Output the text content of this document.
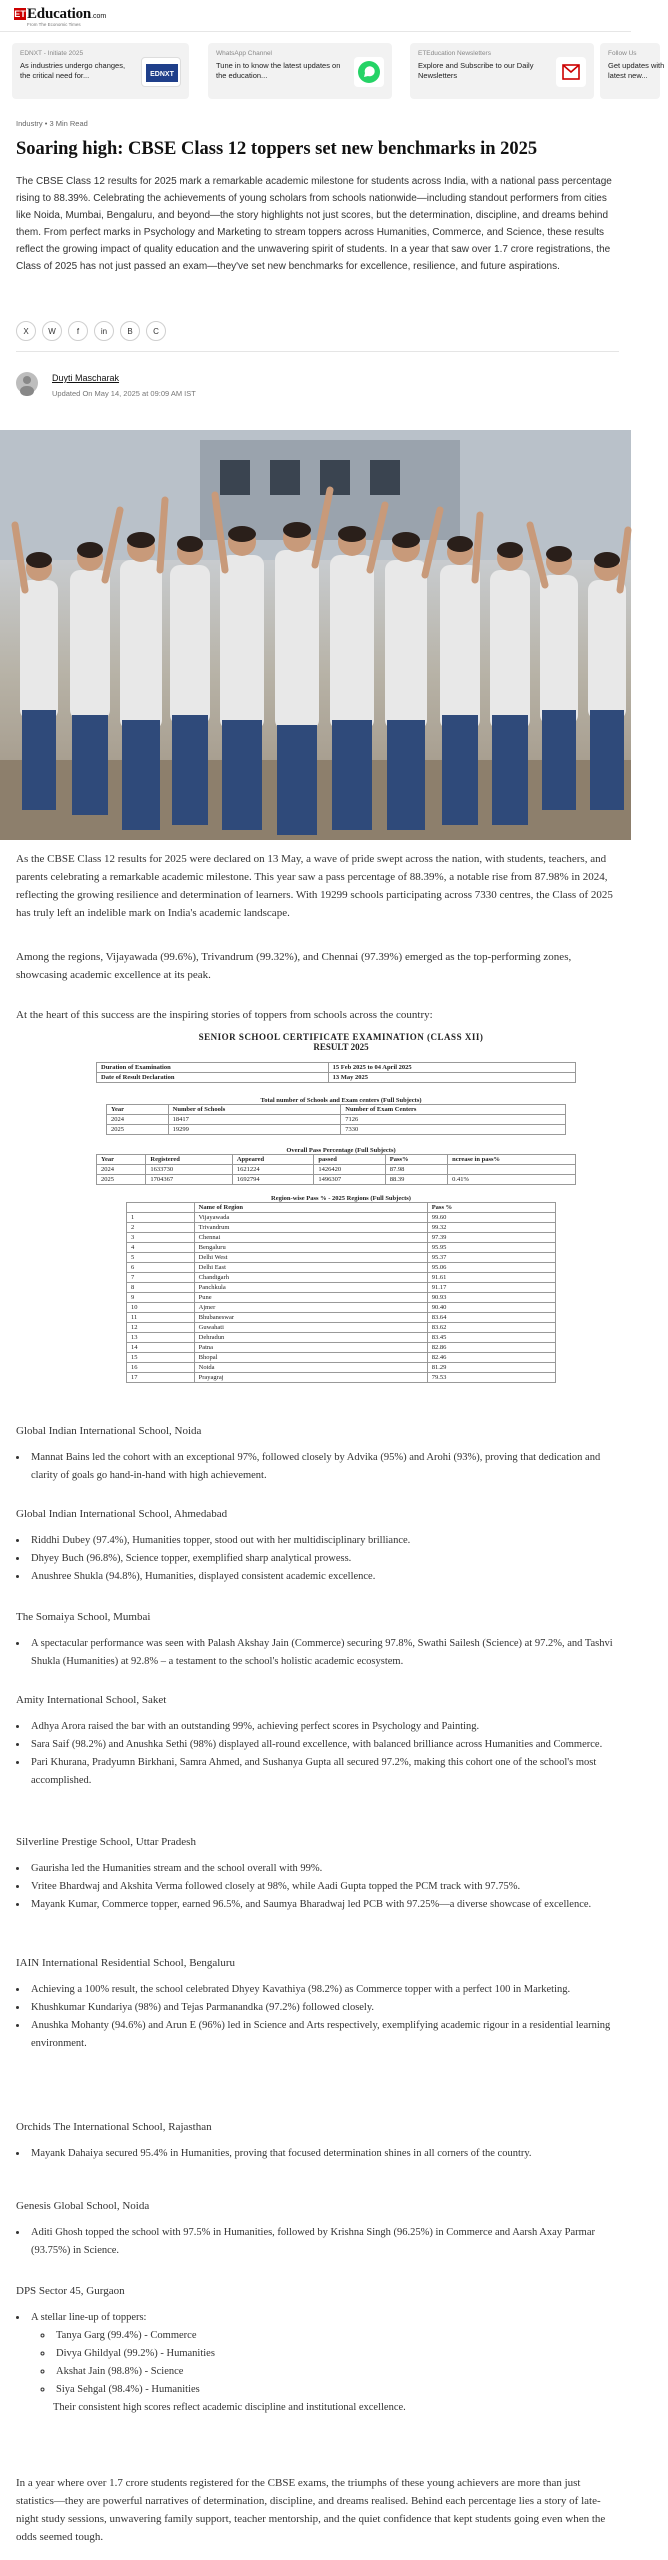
ET Education .com
From The Economic Times
EDNXT - Initiate 2025
As industries undergo changes, the critical need for...	EDNXT
WhatsApp Channel
Tune in to know the latest updates on the education...
ETEducation Newsletters
Explore and Subscribe to our Daily Newsletters
Follow Us
Get updates with latest new...
Industry • 3 Min Read
Soaring high: CBSE Class 12 toppers set new benchmarks in 2025

The CBSE Class 12 results for 2025 mark a remarkable academic milestone for students across India, with a national pass percentage rising to 88.39%. Celebrating the achievements of young scholars from schools nationwide—including standout performers from cities like Noida, Mumbai, Bengaluru, and beyond—the story highlights not just scores, but the determination, discipline, and dreams behind them. From perfect marks in Psychology and Marketing to stream toppers across Humanities, Commerce, and Science, these results reflect the growing impact of quality education and the unwavering spirit of students. In a year that saw over 1.7 crore registrations, the Class of 2025 has not just passed an exam—they've set new benchmarks for excellence, resilience, and future aspirations.

X	W	f	in	B	C
Duyti Mascharak
Updated On May 14, 2025 at 09:09 AM IST

As the CBSE Class 12 results for 2025 were declared on 13 May, a wave of pride swept across the nation, with students, teachers, and parents celebrating a remarkable academic milestone. This year saw a pass percentage of 88.39%, a notable rise from 87.98% in 2024, reflecting the growing resilience and determination of learners. With 19299 schools participating across 7330 centres, the Class of 2025 has truly left an indelible mark on India's academic landscape.

Among the regions, Vijayawada (99.6%), Trivandrum (99.32%), and Chennai (97.39%) emerged as the top-performing zones, showcasing academic excellence at its peak.

At the heart of this success are the inspiring stories of toppers from schools across the country:

SENIOR SCHOOL CERTIFICATE EXAMINATION (CLASS XII)
RESULT 2025
Duration of Examination	15 Feb 2025 to 04 April 2025
Date of Result Declaration	13 May 2025
Total number of Schools and Exam centers (Full Subjects)
Year	Number of Schools	Number of Exam Centers
2024	18417	7126
2025	19299	7330
Overall Pass Percentage (Full Subjects)
Year	Registered	Appeared	passed	Pass%	ncrease in pass%
2024	1633730	1621224	1426420	87.98	
2025	1704367	1692794	1496307	88.39	0.41%
Region-wise Pass % - 2025 Regions (Full Subjects)
	Name of Region	Pass %
1	Vijayawada	99.60
2	Trivandrum	99.32
3	Chennai	97.39
4	Bengaluru	95.95
5	Delhi West	95.37
6	Delhi East	95.06
7	Chandigarh	91.61
8	Panchkula	91.17
9	Pune	90.93
10	Ajmer	90.40
11	Bhubaneswar	83.64
12	Guwahati	83.62
13	Dehradun	83.45
14	Patna	82.86
15	Bhopal	82.46
16	Noida	81.29
17	Prayagraj	79.53
Global Indian International School, Noida
• Mannat Bains led the cohort with an exceptional 97%, followed closely by Advika (95%) and Arohi (93%), proving that dedication and clarity of goals go hand-in-hand with high achievement.
Global Indian International School, Ahmedabad
• Riddhi Dubey (97.4%), Humanities topper, stood out with her multidisciplinary brilliance.
• Dhyey Buch (96.8%), Science topper, exemplified sharp analytical prowess.
• Anushree Shukla (94.8%), Humanities, displayed consistent academic excellence.
The Somaiya School, Mumbai
• A spectacular performance was seen with Palash Akshay Jain (Commerce) securing 97.8%, Swathi Sailesh (Science) at 97.2%, and Tashvi Shukla (Humanities) at 92.8% – a testament to the school's holistic academic ecosystem.
Amity International School, Saket
• Adhya Arora raised the bar with an outstanding 99%, achieving perfect scores in Psychology and Painting.
• Sara Saif (98.2%) and Anushka Sethi (98%) displayed all-round excellence, with balanced brilliance across Humanities and Commerce.
• Pari Khurana, Pradyumn Birkhani, Samra Ahmed, and Sushanya Gupta all secured 97.2%, making this cohort one of the school's most accomplished.
Silverline Prestige School, Uttar Pradesh
• Gaurisha led the Humanities stream and the school overall with 99%.
• Vritee Bhardwaj and Akshita Verma followed closely at 98%, while Aadi Gupta topped the PCM track with 97.75%.
• Mayank Kumar, Commerce topper, earned 96.5%, and Saumya Bharadwaj led PCB with 97.25%—a diverse showcase of excellence.
IAIN International Residential School, Bengaluru
• Achieving a 100% result, the school celebrated Dhyey Kavathiya (98.2%) as Commerce topper with a perfect 100 in Marketing.
• Khushkumar Kundariya (98%) and Tejas Parmanandka (97.2%) followed closely.
• Anushka Mohanty (94.6%) and Arun E (96%) led in Science and Arts respectively, exemplifying academic rigour in a residential learning environment.
Orchids The International School, Rajasthan
• Mayank Dahaiya secured 95.4% in Humanities, proving that focused determination shines in all corners of the country.
Genesis Global School, Noida
• Aditi Ghosh topped the school with 97.5% in Humanities, followed by Krishna Singh (96.25%) in Commerce and Aarsh Axay Parmar (93.75%) in Science.
DPS Sector 45, Gurgaon
• A stellar line-up of toppers:
◦ Tanya Garg (99.4%) - Commerce
◦ Divya Ghildyal (99.2%) - Humanities
◦ Akshat Jain (98.8%) - Science
◦ Siya Sehgal (98.4%) - Humanities
Their consistent high scores reflect academic discipline and institutional excellence.

In a year where over 1.7 crore students registered for the CBSE exams, the triumphs of these young achievers are more than just statistics—they are powerful narratives of determination, discipline, and dreams realised. Behind each percentage lies a story of late-night study sessions, unwavering family support, teacher mentorship, and the quiet confidence that kept students going even when the odds seemed tough.
